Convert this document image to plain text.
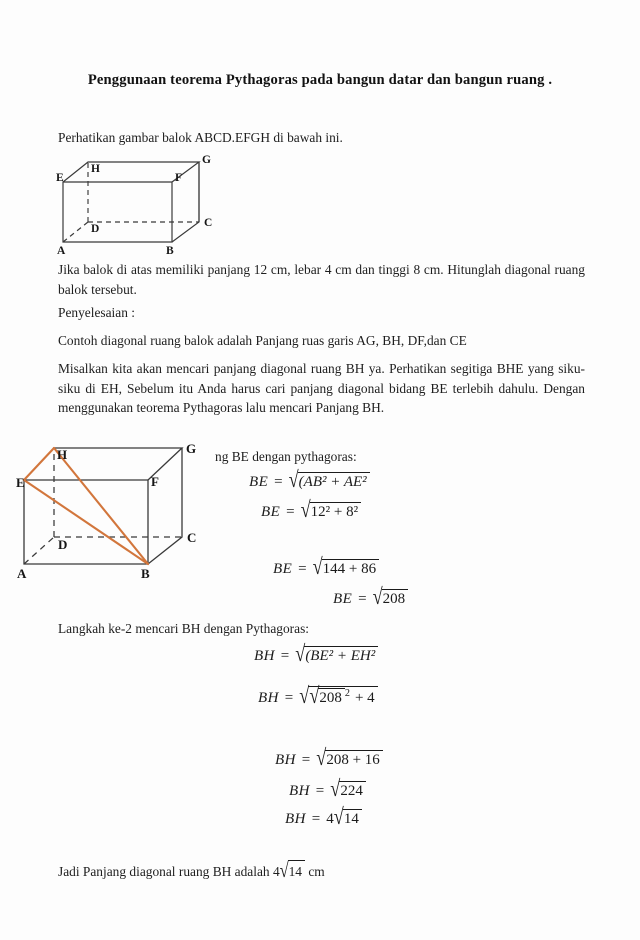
Penggunaan teorema Pythagoras pada bangun datar dan bangun ruang .
Perhatikan gambar balok ABCD.EFGH di bawah ini.
A	B
C
D
E	F
G
H
Jika balok di atas memiliki panjang 12 cm, lebar 4 cm dan tinggi 8 cm. Hitunglah diagonal ruang balok tersebut.
Penyelesaian :
Contoh diagonal ruang balok adalah Panjang ruas garis AG, BH, DF,dan CE
Misalkan kita akan mencari panjang diagonal ruang BH ya. Perhatikan segitiga BHE yang siku-siku di EH, Sebelum itu Anda harus cari panjang diagonal bidang BE terlebih dahulu. Dengan menggunakan teorema Pythagoras lalu mencari Panjang BH.
A	B
C
D
E	F
G
H	ng BE dengan pythagoras:
BE = √(AB² + AE²
BE = √12² + 8²
BE = √144 + 86
BE = √208
Langkah ke-2 mencari BH dengan Pythagoras:
BH = √(BE² + EH²
BH = √√208 $^2$ + 4
BH = √208 + 16
BH = √224
BH = 4√14
Jadi Panjang diagonal ruang BH adalah 4√14 cm
